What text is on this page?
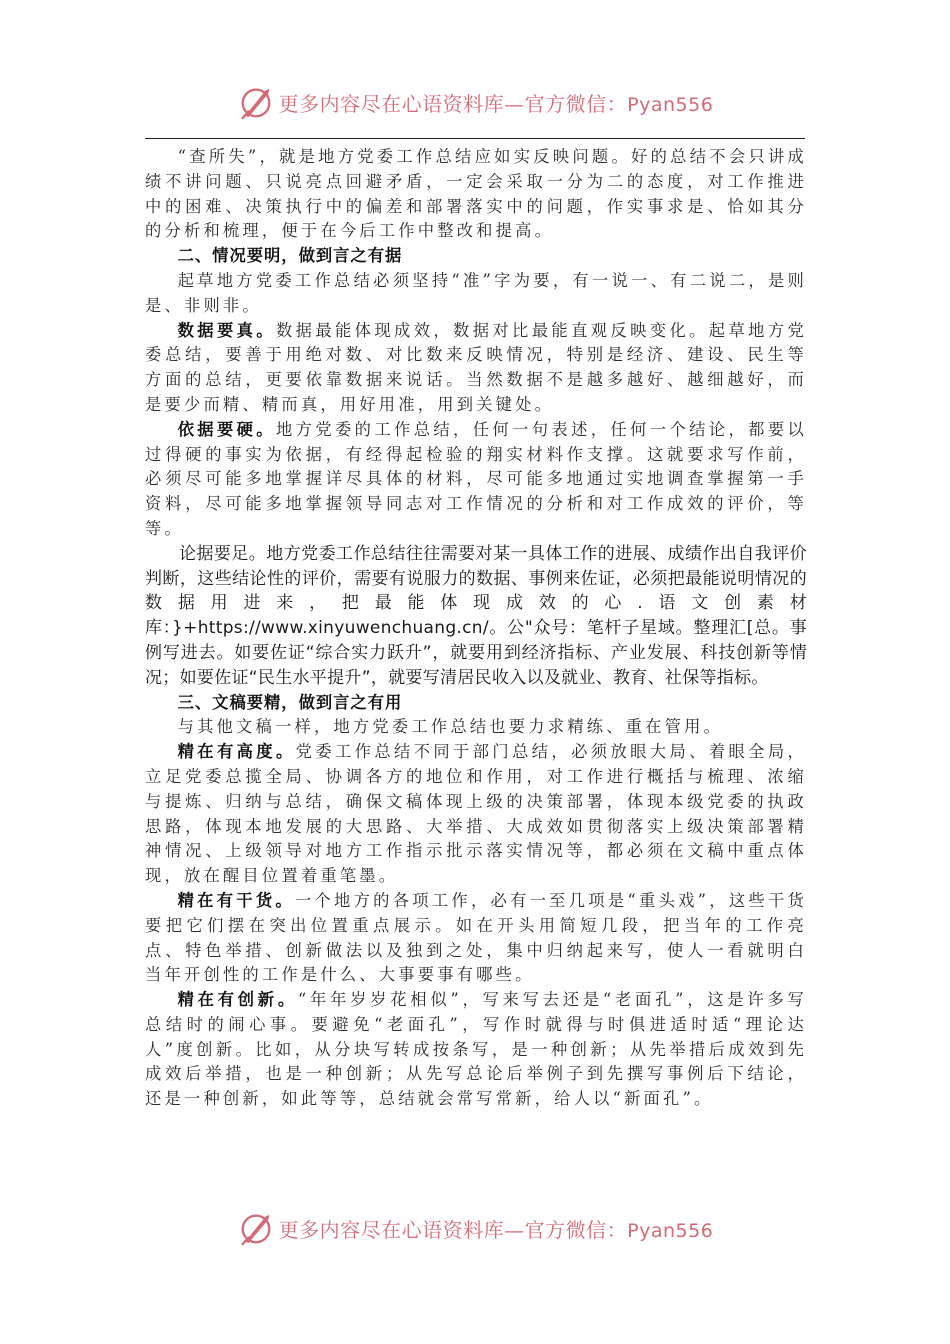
更多内容尽在心语资料库—官方微信：Pyan556

“查所失”，就是地方党委工作总结应如实反映问题。好的总结不会只讲成绩不讲问题、只说亮点回避矛盾，一定会采取一分为二的态度，对工作推进中的困难、决策执行中的偏差和部署落实中的问题，作实事求是、恰如其分的分析和梳理，便于在今后工作中整改和提高。

二、情况要明，做到言之有据

起草地方党委工作总结必须坚持“准”字为要，有一说一、有二说二，是则是、非则非。

数据要真。数据最能体现成效，数据对比最能直观反映变化。起草地方党委总结，要善于用绝对数、对比数来反映情况，特别是经济、建设、民生等方面的总结，更要依靠数据来说话。当然数据不是越多越好、越细越好，而是要少而精、精而真，用好用准，用到关键处。

依据要硬。地方党委的工作总结，任何一句表述，任何一个结论，都要以过得硬的事实为依据，有经得起检验的翔实材料作支撑。这就要求写作前，必须尽可能多地掌握详尽具体的材料，尽可能多地通过实地调查掌握第一手资料，尽可能多地掌握领导同志对工作情况的分析和对工作成效的评价，等等。

论据要足。地方党委工作总结往往需要对某一具体工作的进展、成绩作出自我评价判断，这些结论性的评价，需要有说服力的数据、事例来佐证，必须把最能说明情况的数据用进来，把最能体现成效的心.语文创素材库：}+https://www.xinyuwenchuang.cn/。公"众号：笔杆子星域。整理汇[总。事例写进去。如要佐证“综合实力跃升”，就要用到经济指标、产业发展、科技创新等情况；如要佐证“民生水平提升”，就要写清居民收入以及就业、教育、社保等指标。

三、文稿要精，做到言之有用

与其他文稿一样，地方党委工作总结也要力求精练、重在管用。

精在有高度。党委工作总结不同于部门总结，必须放眼大局、着眼全局，立足党委总揽全局、协调各方的地位和作用，对工作进行概括与梳理、浓缩与提炼、归纳与总结，确保文稿体现上级的决策部署，体现本级党委的执政思路，体现本地发展的大思路、大举措、大成效如贯彻落实上级决策部署精神情况、上级领导对地方工作指示批示落实情况等，都必须在文稿中重点体现，放在醒目位置着重笔墨。

精在有干货。一个地方的各项工作，必有一至几项是“重头戏”，这些干货要把它们摆在突出位置重点展示。如在开头用简短几段，把当年的工作亮点、特色举措、创新做法以及独到之处，集中归纳起来写，使人一看就明白当年开创性的工作是什么、大事要事有哪些。

精在有创新。“年年岁岁花相似”，写来写去还是“老面孔”，这是许多写总结时的闹心事。要避免“老面孔”，写作时就得与时俱进适时适“理论达人”度创新。比如，从分块写转成按条写，是一种创新；从先举措后成效到先成效后举措，也是一种创新；从先写总论后举例子到先撰写事例后下结论，还是一种创新，如此等等，总结就会常写常新，给人以“新面孔”。

更多内容尽在心语资料库—官方微信：Pyan556
